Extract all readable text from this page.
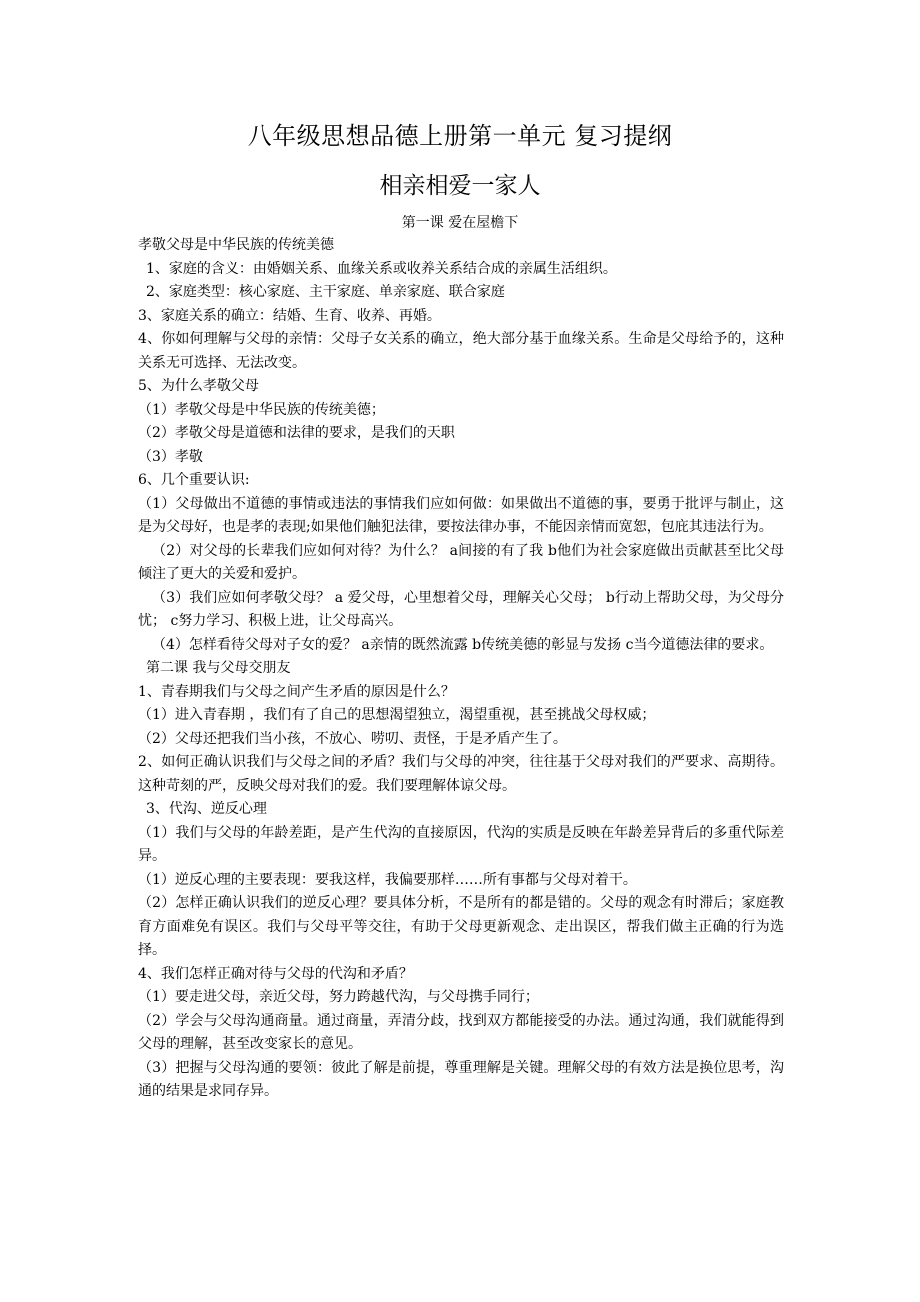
八年级思想品德上册第一单元 复习提纲
相亲相爱一家人
第一课 爱在屋檐下

孝敬父母是中华民族的传统美德

1、家庭的含义：由婚姻关系、血缘关系或收养关系结合成的亲属生活组织。

2、家庭类型：核心家庭、主干家庭、单亲家庭、联合家庭

3、家庭关系的确立：结婚、生育、收养、再婚。

4、你如何理解与父母的亲情：父母子女关系的确立，绝大部分基于血缘关系。生命是父母给予的，这种关系无可选择、无法改变。

5、为什么孝敬父母

（1）孝敬父母是中华民族的传统美德；

（2）孝敬父母是道德和法律的要求，是我们的天职

（3）孝敬

6、几个重要认识:

（1）父母做出不道德的事情或违法的事情我们应如何做：如果做出不道德的事，要勇于批评与制止，这是为父母好，也是孝的表现;如果他们触犯法律，要按法律办事，不能因亲情而宽恕，包庇其违法行为。

（2）对父母的长辈我们应如何对待？为什么？ a间接的有了我 b他们为社会家庭做出贡献甚至比父母倾注了更大的关爱和爱护。

（3）我们应如何孝敬父母？ a 爱父母，心里想着父母，理解关心父母； b行动上帮助父母，为父母分忧； c努力学习、积极上进，让父母高兴。

（4）怎样看待父母对子女的爱？ a亲情的既然流露 b传统美德的彰显与发扬 c当今道德法律的要求。

第二课 我与父母交朋友

1、青春期我们与父母之间产生矛盾的原因是什么？

（1）进入青春期 ，我们有了自己的思想渴望独立，渴望重视，甚至挑战父母权威；

（2）父母还把我们当小孩，不放心、唠叨、责怪，于是矛盾产生了。

2、如何正确认识我们与父母之间的矛盾？我们与父母的冲突，往往基于父母对我们的严要求、高期待。这种苛刻的严，反映父母对我们的爱。我们要理解体谅父母。

3、代沟、逆反心理

（1）我们与父母的年龄差距，是产生代沟的直接原因，代沟的实质是反映在年龄差异背后的多重代际差异。

（1）逆反心理的主要表现：要我这样，我偏要那样……所有事都与父母对着干。

（2）怎样正确认识我们的逆反心理？要具体分析，不是所有的都是错的。父母的观念有时滞后；家庭教育方面难免有误区。我们与父母平等交往，有助于父母更新观念、走出误区，帮我们做主正确的行为选择。

4、我们怎样正确对待与父母的代沟和矛盾？

（1）要走进父母，亲近父母，努力跨越代沟，与父母携手同行；

（2）学会与父母沟通商量。通过商量，弄清分歧，找到双方都能接受的办法。通过沟通，我们就能得到父母的理解，甚至改变家长的意见。

（3）把握与父母沟通的要领：彼此了解是前提，尊重理解是关键。理解父母的有效方法是换位思考，沟通的结果是求同存异。
